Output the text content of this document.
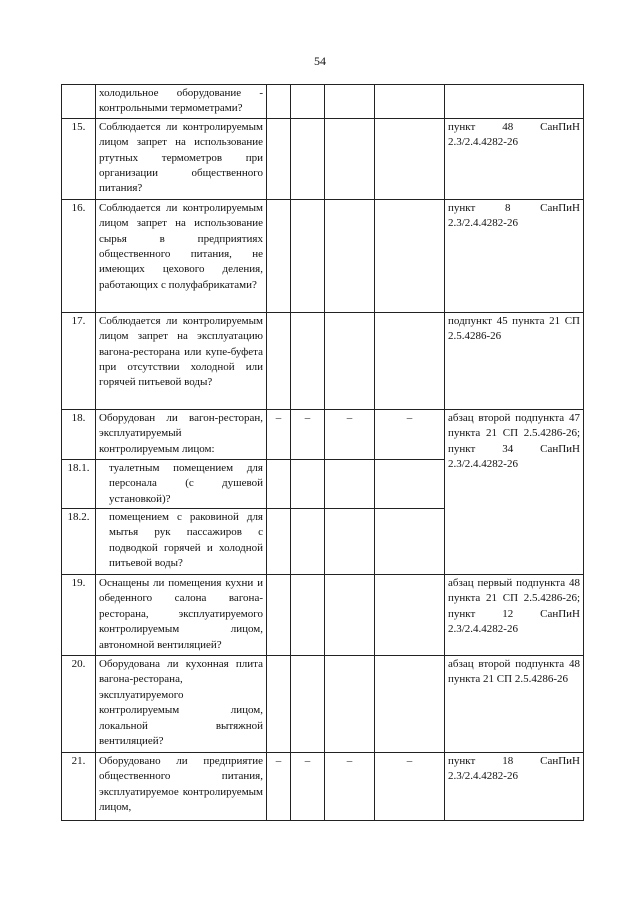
54
	холодильное оборудование - контрольными термометрами?					
15.	Соблюдается ли контролируемым лицом запрет на использование ртутных термометров при организации общественного питания?					пункт 48 СанПиН 2.3/2.4.4282-26
16.	Соблюдается ли контролируемым лицом запрет на использование сырья в предприятиях общественного питания, не имеющих цехового деления, работающих с полуфабрикатами?					пункт 8 СанПиН 2.3/2.4.4282-26
17.	Соблюдается ли контролируемым лицом запрет на эксплуатацию вагона-ресторана или купе-буфета при отсутствии холодной или горячей питьевой воды?					подпункт 45 пункта 21 СП 2.5.4286-26
18.	Оборудован ли вагон-ресторан, эксплуатируемый контролируемым лицом:	–	–	–	–	абзац второй подпункта 47 пункта 21 СП 2.5.4286-26; пункт 34 СанПиН 2.3/2.4.4282-26
18.1.	туалетным помещением для персонала (с душевой установкой)?					
18.2.	помещением с раковиной для мытья рук пассажиров с подводкой горячей и холодной питьевой воды?					
19.	Оснащены ли помещения кухни и обеденного салона вагона-ресторана, эксплуатируемого контролируемым лицом, автономной вентиляцией?					абзац первый подпункта 48 пункта 21 СП 2.5.4286-26; пункт 12 СанПиН 2.3/2.4.4282-26
20.	Оборудована ли кухонная плита вагона-ресторана, эксплуатируемого контролируемым лицом, локальной вытяжной вентиляцией?					абзац второй подпункта 48 пункта 21 СП 2.5.4286-26
21.	Оборудовано ли предприятие общественного питания, эксплуатируемое контролируемым лицом,	–	–	–	–	пункт 18 СанПиН 2.3/2.4.4282-26
